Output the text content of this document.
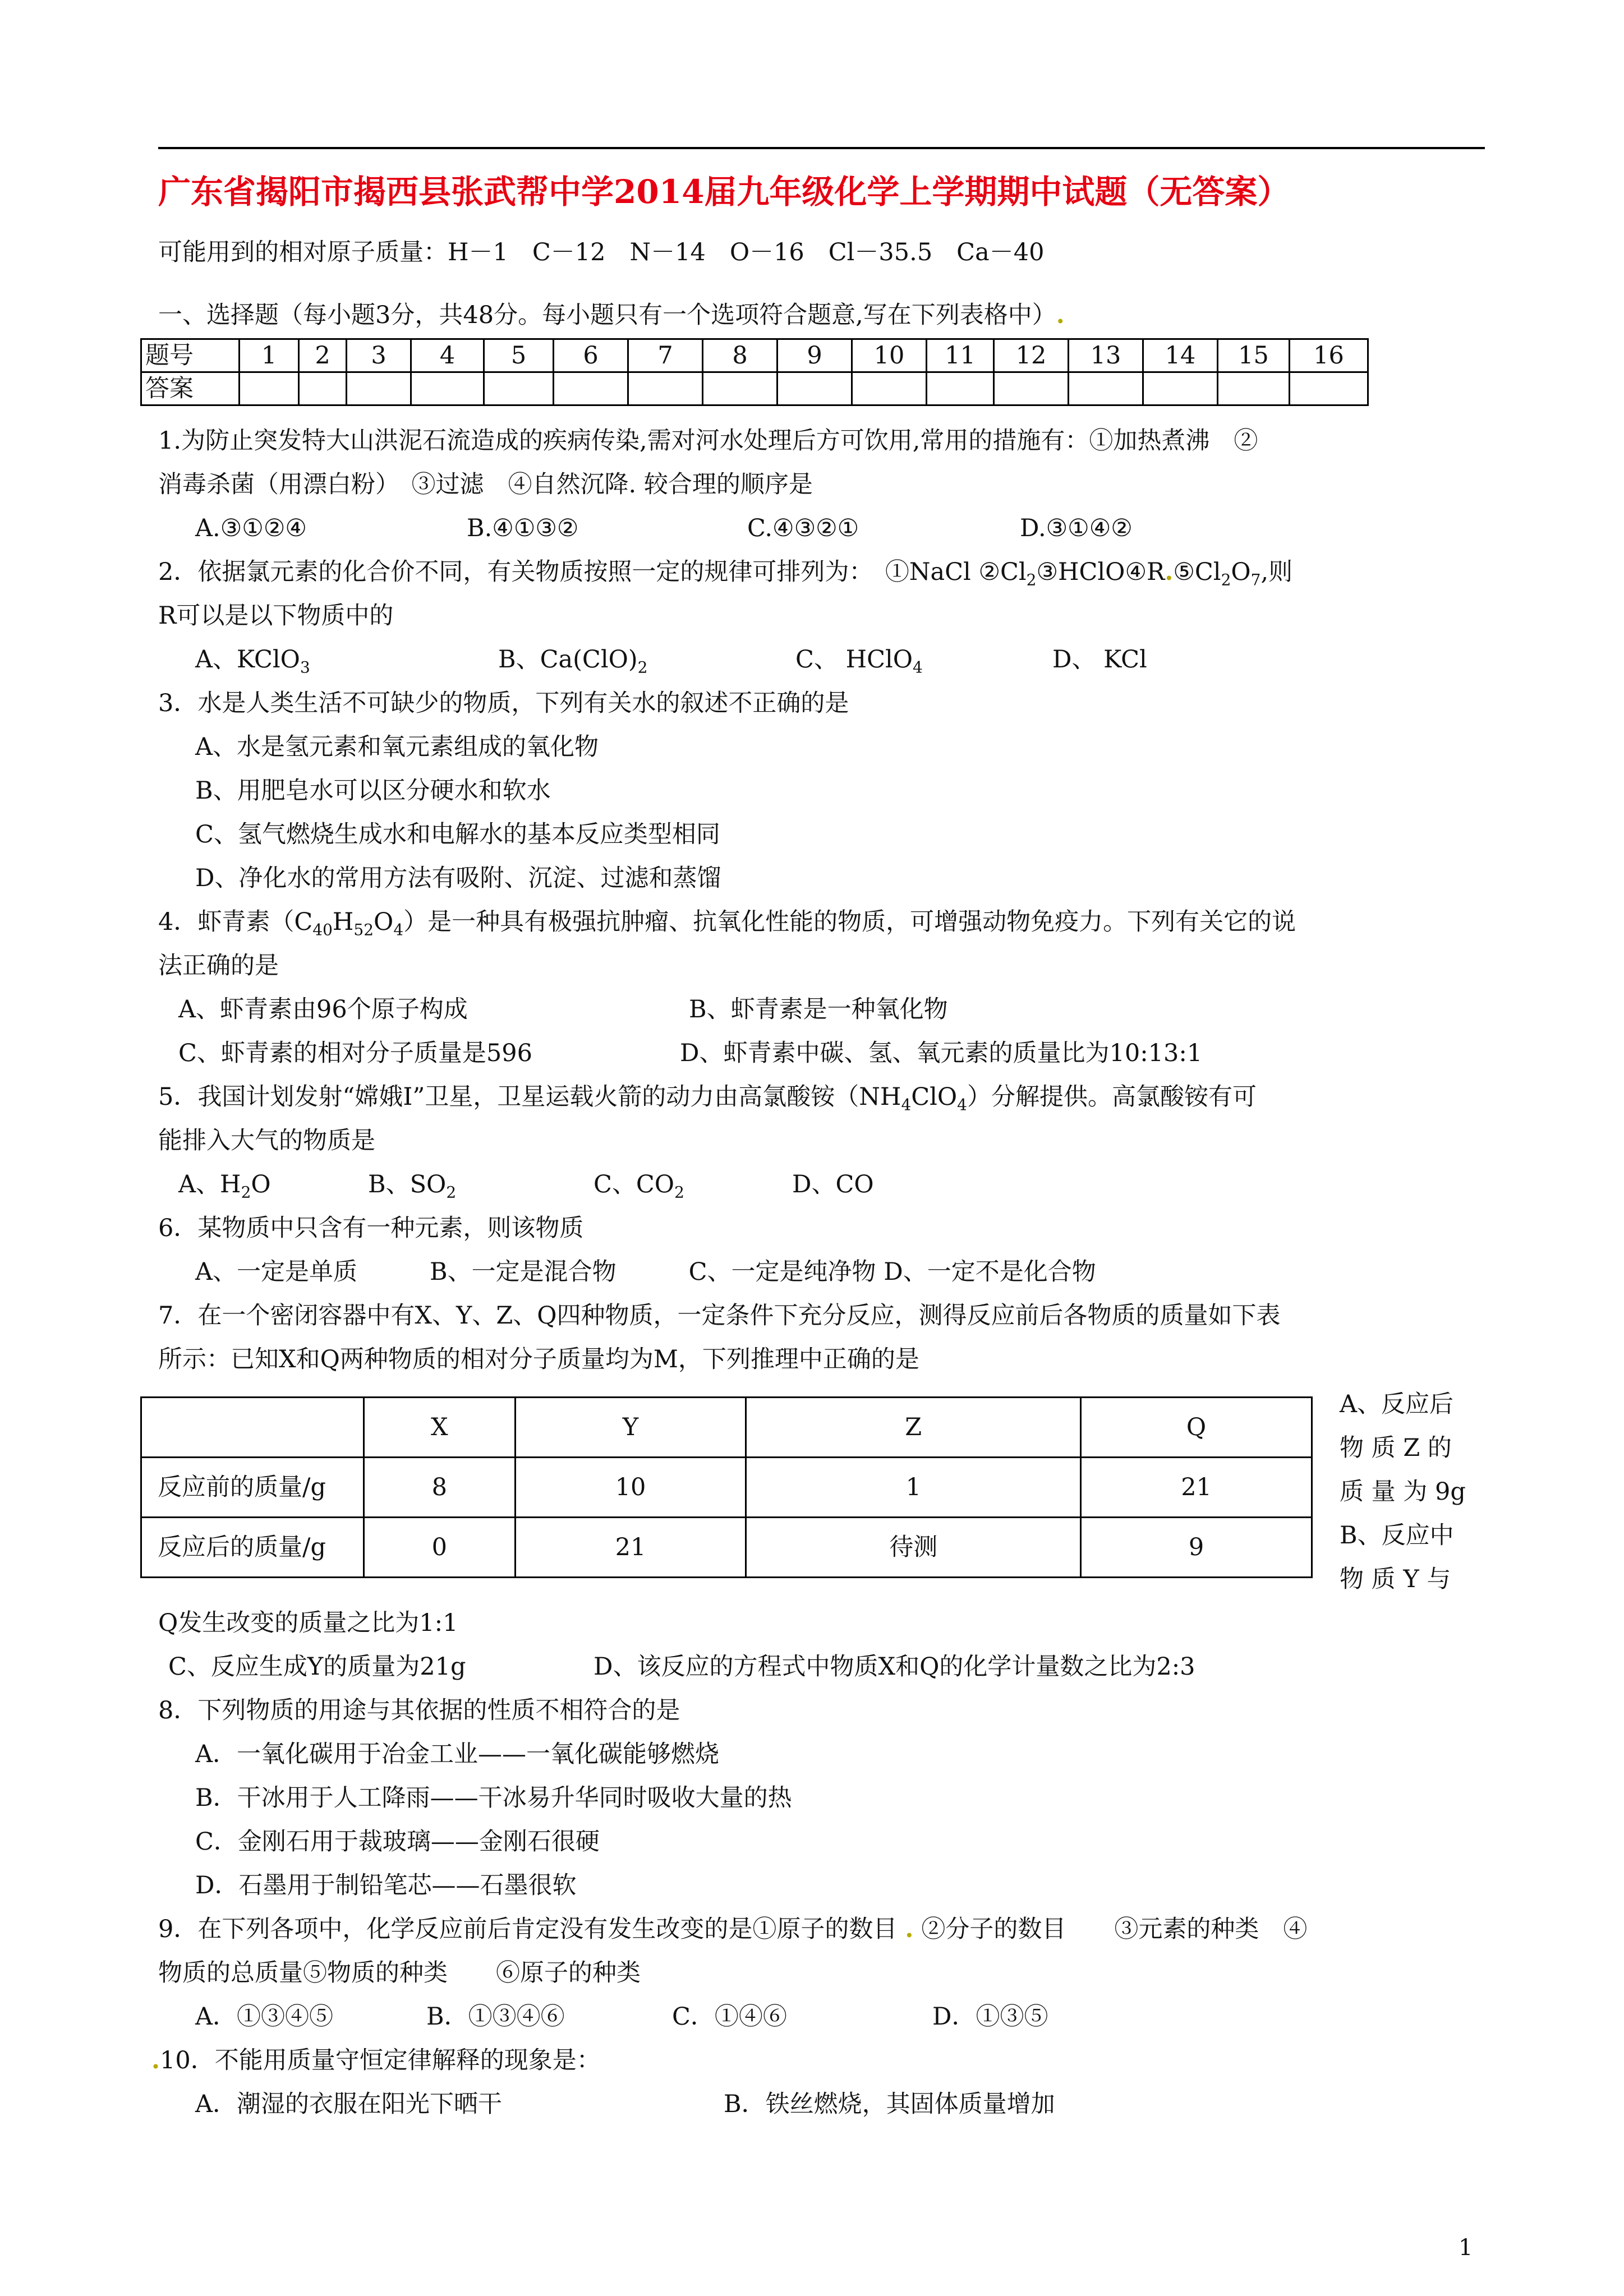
广东省揭阳市揭西县张武帮中学2014届九年级化学上学期期中试题（无答案）
可能用到的相对原子质量：H－1　C－12　N－14　O－16　Cl－35.5　Ca－40
一、选择题（每小题3分，共48分。每小题只有一个选项符合题意,写在下列表格中）.
题号	1	2	3	4	5	6	7	8	9	10	11	12	13	14	15	16
答案																
1.为防止突发特大山洪泥石流造成的疾病传染,需对河水处理后方可饮用,常用的措施有：①加热煮沸　②
消毒杀菌（用漂白粉）　③过滤　④自然沉降. 较合理的顺序是
A.③①②④	B.④①③②	C.④③②①	D.③①④②
2．依据氯元素的化合价不同，有关物质按照一定的规律可排列为：　①NaCl $②Cl_2③HClO④R.⑤Cl_2O_7$,则
R可以是以下物质中的
A、KClO$_3$	B、$Ca(ClO)_2$	C、 HClO$_4$	D、 KCl
3．水是人类生活不可缺少的物质，下列有关水的叙述不正确的是
A、水是氢元素和氧元素组成的氧化物
B、用肥皂水可以区分硬水和软水
C、氢气燃烧生成水和电解水的基本反应类型相同
D、净化水的常用方法有吸附、沉淀、过滤和蒸馏
4．虾青素$(C_{40}H_{52}O_4)$是一种具有极强抗肿瘤、抗氧化性能的物质，可增强动物免疫力。下列有关它的说
法正确的是
A、虾青素由96个原子构成	B、虾青素是一种氧化物
C、虾青素的相对分子质量是596	D、虾青素中碳、氢、氧元素的质量比为10:13:1
5．我国计划发射“嫦娥Ⅰ”卫星，卫星运载火箭的动力由高氯酸铵$(NH_4ClO_4)$分解提供。高氯酸铵有可
能排入大气的物质是
A、$H_2O$	B、$SO_2$	C、$CO_2$	D、CO
6．某物质中只含有一种元素，则该物质
A、一定是单质　　　B、一定是混合物　　　C、一定是纯净物 D、一定不是化合物
7．在一个密闭容器中有X、Y、Z、Q四种物质，一定条件下充分反应，测得反应前后各物质的质量如下表
所示：已知X和Q两种物质的相对分子质量均为M，下列推理中正确的是
	X	Y	Z	Q
反应前的质量/g	8	10	1	21
反应后的质量/g	0	21	待测	9
A、反应后
物 质 Z 的
质 量 为 9g
B、反应中
物 质 Y 与
Q发生改变的质量之比为1:1
C、反应生成Y的质量为21g	D、该反应的方程式中物质X和Q的化学计量数之比为2:3
8．下列物质的用途与其依据的性质不相符合的是
A．一氧化碳用于冶金工业——一氧化碳能够燃烧
B．干冰用于人工降雨——干冰易升华同时吸收大量的热
C．金刚石用于裁玻璃——金刚石很硬
D．石墨用于制铅笔芯——石墨很软
9．在下列各项中，化学反应前后肯定没有发生改变的是①原子的数目 . ②分子的数目　　③元素的种类　④
物质的总质量⑤物质的种类　　⑥原子的种类
A．①③④⑤	B．①③④⑥	C．①④⑥	D．①③⑤
.10．不能用质量守恒定律解释的现象是：
A．潮湿的衣服在阳光下晒干	B．铁丝燃烧，其固体质量增加
1
